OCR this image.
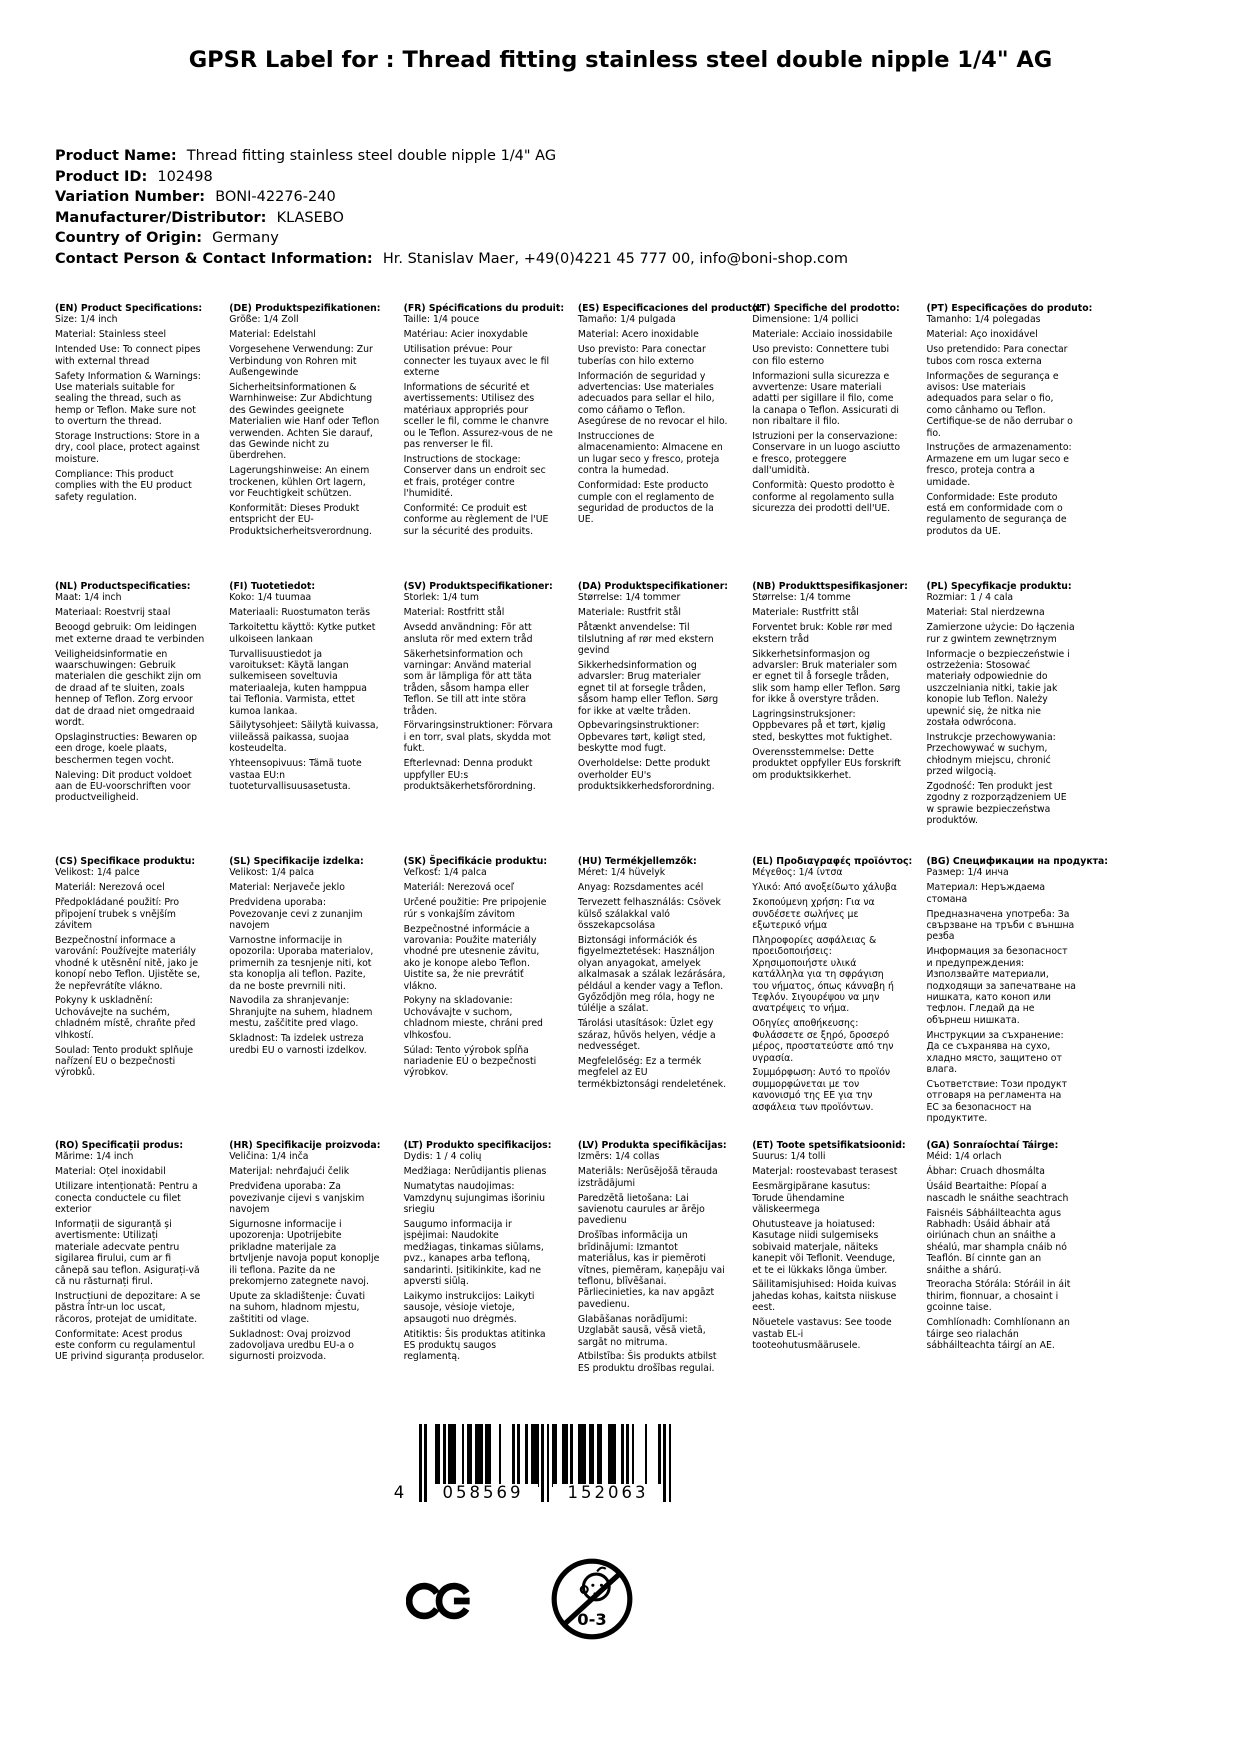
GPSR Label for : Thread fitting stainless steel double nipple 1/4" AG
Product Name:  Thread fitting stainless steel double nipple 1/4" AG
Product ID:  102498
Variation Number:  BONI-42276-240
Manufacturer/Distributor:  KLASEBO
Country of Origin:  Germany
Contact Person & Contact Information:  Hr. Stanislav Maer, +49(0)4221 45 777 00, info@boni-shop.com
(EN) Product Specifications:

Size: 1/4 inch

Material: Stainless steel

Intended Use: To connect pipes with external thread

Safety Information & Warnings: Use materials suitable for sealing the thread, such as hemp or Teflon. Make sure not to overturn the thread.

Storage Instructions: Store in a dry, cool place, protect against moisture.

Compliance: This product complies with the EU product safety regulation.

(DE) Produktspezifikationen:

Größe: 1/4 Zoll

Material: Edelstahl

Vorgesehene Verwendung: Zur Verbindung von Rohren mit Außengewinde

Sicherheitsinformationen & Warnhinweise: Zur Abdichtung des Gewindes geeignete Materialien wie Hanf oder Teflon verwenden. Achten Sie darauf, das Gewinde nicht zu überdrehen.

Lagerungshinweise: An einem trockenen, kühlen Ort lagern, vor Feuchtigkeit schützen.

Konformität: Dieses Produkt entspricht der EU-Produktsicherheitsverordnung.

(FR) Spécifications du produit:

Taille: 1/4 pouce

Matériau: Acier inoxydable

Utilisation prévue: Pour connecter les tuyaux avec le fil externe

Informations de sécurité et avertissements: Utilisez des matériaux appropriés pour sceller le fil, comme le chanvre ou le Teflon. Assurez-vous de ne pas renverser le fil.

Instructions de stockage: Conserver dans un endroit sec et frais, protéger contre l'humidité.

Conformité: Ce produit est conforme au règlement de l'UE sur la sécurité des produits.

(ES) Especificaciones del producto:

Tamaño: 1/4 pulgada

Material: Acero inoxidable

Uso previsto: Para conectar tuberías con hilo externo

Información de seguridad y advertencias: Use materiales adecuados para sellar el hilo, como cáñamo o Teflon. Asegúrese de no revocar el hilo.

Instrucciones de almacenamiento: Almacene en un lugar seco y fresco, proteja contra la humedad.

Conformidad: Este producto cumple con el reglamento de seguridad de productos de la UE.

(IT) Specifiche del prodotto:

Dimensione: 1/4 pollici

Materiale: Acciaio inossidabile

Uso previsto: Connettere tubi con filo esterno

Informazioni sulla sicurezza e avvertenze: Usare materiali adatti per sigillare il filo, come la canapa o Teflon. Assicurati di non ribaltare il filo.

Istruzioni per la conservazione: Conservare in un luogo asciutto e fresco, proteggere dall'umidità.

Conformità: Questo prodotto è conforme al regolamento sulla sicurezza dei prodotti dell'UE.

(PT) Especificações do produto:

Tamanho: 1/4 polegadas

Material: Aço inoxidável

Uso pretendido: Para conectar tubos com rosca externa

Informações de segurança e avisos: Use materiais adequados para selar o fio, como cânhamo ou Teflon. Certifique-se de não derrubar o fio.

Instruções de armazenamento: Armazene em um lugar seco e fresco, proteja contra a umidade.

Conformidade: Este produto está em conformidade com o regulamento de segurança de produtos da UE.

(NL) Productspecificaties:

Maat: 1/4 inch

Materiaal: Roestvrij staal

Beoogd gebruik: Om leidingen met externe draad te verbinden

Veiligheidsinformatie en waarschuwingen: Gebruik materialen die geschikt zijn om de draad af te sluiten, zoals hennep of Teflon. Zorg ervoor dat de draad niet omgedraaid wordt.

Opslaginstructies: Bewaren op een droge, koele plaats, beschermen tegen vocht.

Naleving: Dit product voldoet aan de EU-voorschriften voor productveiligheid.

(FI) Tuotetiedot:

Koko: 1/4 tuumaa

Materiaali: Ruostumaton teräs

Tarkoitettu käyttö: Kytke putket ulkoiseen lankaan

Turvallisuustiedot ja varoitukset: Käytä langan sulkemiseen soveltuvia materiaaleja, kuten hamppua tai Teflonia. Varmista, ettet kumoa lankaa.

Säilytysohjeet: Säilytä kuivassa, viileässä paikassa, suojaa kosteudelta.

Yhteensopivuus: Tämä tuote vastaa EU:n tuoteturvallisuusasetusta.

(SV) Produktspecifikationer:

Storlek: 1/4 tum

Material: Rostfritt stål

Avsedd användning: För att ansluta rör med extern tråd

Säkerhetsinformation och varningar: Använd material som är lämpliga för att täta tråden, såsom hampa eller Teflon. Se till att inte störa tråden.

Förvaringsinstruktioner: Förvara i en torr, sval plats, skydda mot fukt.

Efterlevnad: Denna produkt uppfyller EU:s produktsäkerhetsförordning.

(DA) Produktspecifikationer:

Størrelse: 1/4 tommer

Materiale: Rustfrit stål

Påtænkt anvendelse: Til tilslutning af rør med ekstern gevind

Sikkerhedsinformation og advarsler: Brug materialer egnet til at forsegle tråden, såsom hamp eller Teflon. Sørg for ikke at vælte tråden.

Opbevaringsinstruktioner: Opbevares tørt, køligt sted, beskytte mod fugt.

Overholdelse: Dette produkt overholder EU's produktsikkerhedsforordning.

(NB) Produkttspesifikasjoner:

Størrelse: 1/4 tomme

Materiale: Rustfritt stål

Forventet bruk: Koble rør med ekstern tråd

Sikkerhetsinformasjon og advarsler: Bruk materialer som er egnet til å forsegle tråden, slik som hamp eller Teflon. Sørg for ikke å overstyre tråden.

Lagringsinstruksjoner: Oppbevares på et tørt, kjølig sted, beskyttes mot fuktighet.

Overensstemmelse: Dette produktet oppfyller EUs forskrift om produktsikkerhet.

(PL) Specyfikacje produktu:

Rozmiar: 1 / 4 cala

Materiał: Stal nierdzewna

Zamierzone użycie: Do łączenia rur z gwintem zewnętrznym

Informacje o bezpieczeństwie i ostrzeżenia: Stosować materiały odpowiednie do uszczelniania nitki, takie jak konopie lub Teflon. Należy upewnić się, że nitka nie została odwrócona.

Instrukcje przechowywania: Przechowywać w suchym, chłodnym miejscu, chronić przed wilgocią.

Zgodność: Ten produkt jest zgodny z rozporządzeniem UE w sprawie bezpieczeństwa produktów.

(CS) Specifikace produktu:

Velikost: 1/4 palce

Materiál: Nerezová ocel

Předpokládané použití: Pro připojení trubek s vnějším závitem

Bezpečnostní informace a varování: Používejte materiály vhodné k utěsnění nitě, jako je konopí nebo Teflon. Ujistěte se, že nepřevrátíte vlákno.

Pokyny k uskladnění: Uchovávejte na suchém, chladném místě, chraňte před vlhkostí.

Soulad: Tento produkt splňuje nařízení EU o bezpečnosti výrobků.

(SL) Specifikacije izdelka:

Velikost: 1/4 palca

Material: Nerjaveče jeklo

Predvidena uporaba: Povezovanje cevi z zunanjim navojem

Varnostne informacije in opozorila: Uporaba materialov, primernih za tesnjenje niti, kot sta konoplja ali teflon. Pazite, da ne boste prevrnili niti.

Navodila za shranjevanje: Shranjujte na suhem, hladnem mestu, zaščitite pred vlago.

Skladnost: Ta izdelek ustreza uredbi EU o varnosti izdelkov.

(SK) Špecifikácie produktu:

Veľkosť: 1/4 palca

Materiál: Nerezová oceľ

Určené použitie: Pre pripojenie rúr s vonkajším závitom

Bezpečnostné informácie a varovania: Použite materiály vhodné pre utesnenie závitu, ako je konope alebo Teflon. Uistite sa, že nie prevrátiť vlákno.

Pokyny na skladovanie: Uchovávajte v suchom, chladnom mieste, chráni pred vlhkosťou.

Súlad: Tento výrobok spĺňa nariadenie EÚ o bezpečnosti výrobkov.

(HU) Termékjellemzők:

Méret: 1/4 hüvelyk

Anyag: Rozsdamentes acél

Tervezett felhasználás: Csövek külső szálakkal való összekapcsolása

Biztonsági információk és figyelmeztetések: Használjon olyan anyagokat, amelyek alkalmasak a szálak lezárására, például a kender vagy a Teflon. Győződjön meg róla, hogy ne túlélje a szálat.

Tárolási utasítások: Üzlet egy száraz, hűvös helyen, védje a nedvességet.

Megfelelőség: Ez a termék megfelel az EU termékbiztonsági rendeletének.

(EL) Προδιαγραφές προϊόντος:

Μέγεθος: 1/4 ίντσα

Υλικό: Από ανοξείδωτο χάλυβα

Σκοπούμενη χρήση: Για να συνδέσετε σωλήνες με εξωτερικό νήμα

Πληροφορίες ασφάλειας & προειδοποιήσεις: Χρησιμοποιήστε υλικά κατάλληλα για τη σφράγιση του νήματος, όπως κάνναβη ή Τεφλόν. Σιγουρέψου να μην ανατρέψεις το νήμα.

Οδηγίες αποθήκευσης: Φυλάσσετε σε ξηρό, δροσερό μέρος, προστατεύστε από την υγρασία.

Συμμόρφωση: Αυτό το προϊόν συμμορφώνεται με τον κανονισμό της ΕΕ για την ασφάλεια των προϊόντων.

(BG) Спецификации на продукта:

Размер: 1/4 инча

Материал: Неръждаема стомана

Предназначена употреба: За свързване на тръби с външна резба

Информация за безопасност и предупреждения: Използвайте материали, подходящи за запечатване на нишката, като коноп или тефлон. Гледай да не обърнеш нишката.

Инструкции за съхранение: Да се съхранява на сухо, хладно място, защитено от влага.

Съответствие: Този продукт отговаря на регламента на ЕС за безопасност на продуктите.

(RO) Specificații produs:

Mărime: 1/4 inch

Material: Oțel inoxidabil

Utilizare intenționată: Pentru a conecta conductele cu filet exterior

Informații de siguranță și avertismente: Utilizați materiale adecvate pentru sigilarea firului, cum ar fi cânepă sau teflon. Asigurați-vă că nu răsturnați firul.

Instrucțiuni de depozitare: A se păstra într-un loc uscat, răcoros, protejat de umiditate.

Conformitate: Acest produs este conform cu regulamentul UE privind siguranța produselor.

(HR) Specifikacije proizvoda:

Veličina: 1/4 inča

Materijal: nehrđajući čelik

Predviđena uporaba: Za povezivanje cijevi s vanjskim navojem

Sigurnosne informacije i upozorenja: Upotrijebite prikladne materijale za brtvljenje navoja poput konoplje ili teflona. Pazite da ne prekomjerno zategnete navoj.

Upute za skladištenje: Čuvati na suhom, hladnom mjestu, zaštititi od vlage.

Sukladnost: Ovaj proizvod zadovoljava uredbu EU-a o sigurnosti proizvoda.

(LT) Produkto specifikacijos:

Dydis: 1 / 4 colių

Medžiaga: Nerūdijantis plienas

Numatytas naudojimas: Vamzdynų sujungimas išoriniu sriegiu

Saugumo informacija ir įspėjimai: Naudokite medžiagas, tinkamas siūlams, pvz., kanapes arba tefloną, sandarinti. Įsitikinkite, kad ne apversti siūlą.

Laikymo instrukcijos: Laikyti sausoje, vėsioje vietoje, apsaugoti nuo drėgmės.

Atitiktis: Šis produktas atitinka ES produktų saugos reglamentą.

(LV) Produkta specifikācijas:

Izmērs: 1/4 collas

Materiāls: Nerūsējošā tērauda izstrādājumi

Paredzētā lietošana: Lai savienotu caurules ar ārējo pavedienu

Drošības informācija un brīdinājumi: Izmantot materiālus, kas ir piemēroti vītnes, piemēram, kaņepāju vai teflonu, blīvēšanai. Pārliecinieties, ka nav apgāzt pavedienu.

Glabāšanas norādījumi: Uzglabāt sausā, vēsā vietā, sargāt no mitruma.

Atbilstība: Šis produkts atbilst ES produktu drošības regulai.

(ET) Toote spetsifikatsioonid:

Suurus: 1/4 tolli

Materjal: roostevabast terasest

Eesmärgipärane kasutus: Torude ühendamine väliskeermega

Ohutusteave ja hoiatused: Kasutage niidi sulgemiseks sobivaid materjale, näiteks kanepit või Teflonit. Veenduge, et te ei lükkaks lõnga ümber.

Säilitamisjuhised: Hoida kuivas jahedas kohas, kaitsta niiskuse eest.

Nõuetele vastavus: See toode vastab EL-i tooteohutusmäärusele.

(GA) Sonraíochtaí Táirge:

Méid: 1/4 orlach

Ábhar: Cruach dhosmálta

Úsáid Beartaithe: Píopaí a nascadh le snáithe seachtrach

Faisnéis Sábháilteachta agus Rabhadh: Úsáid ábhair atá oiriúnach chun an snáithe a shéalú, mar shampla cnáib nó Teaflón. Bí cinnte gan an snáithe a shárú.

Treoracha Stórála: Stóráil in áit thirim, fionnuar, a chosaint i gcoinne taise.

Comhlíonadh: Comhlíonann an táirge seo rialachán sábháilteachta táirgí an AE.

4	058569	152063
0-3
